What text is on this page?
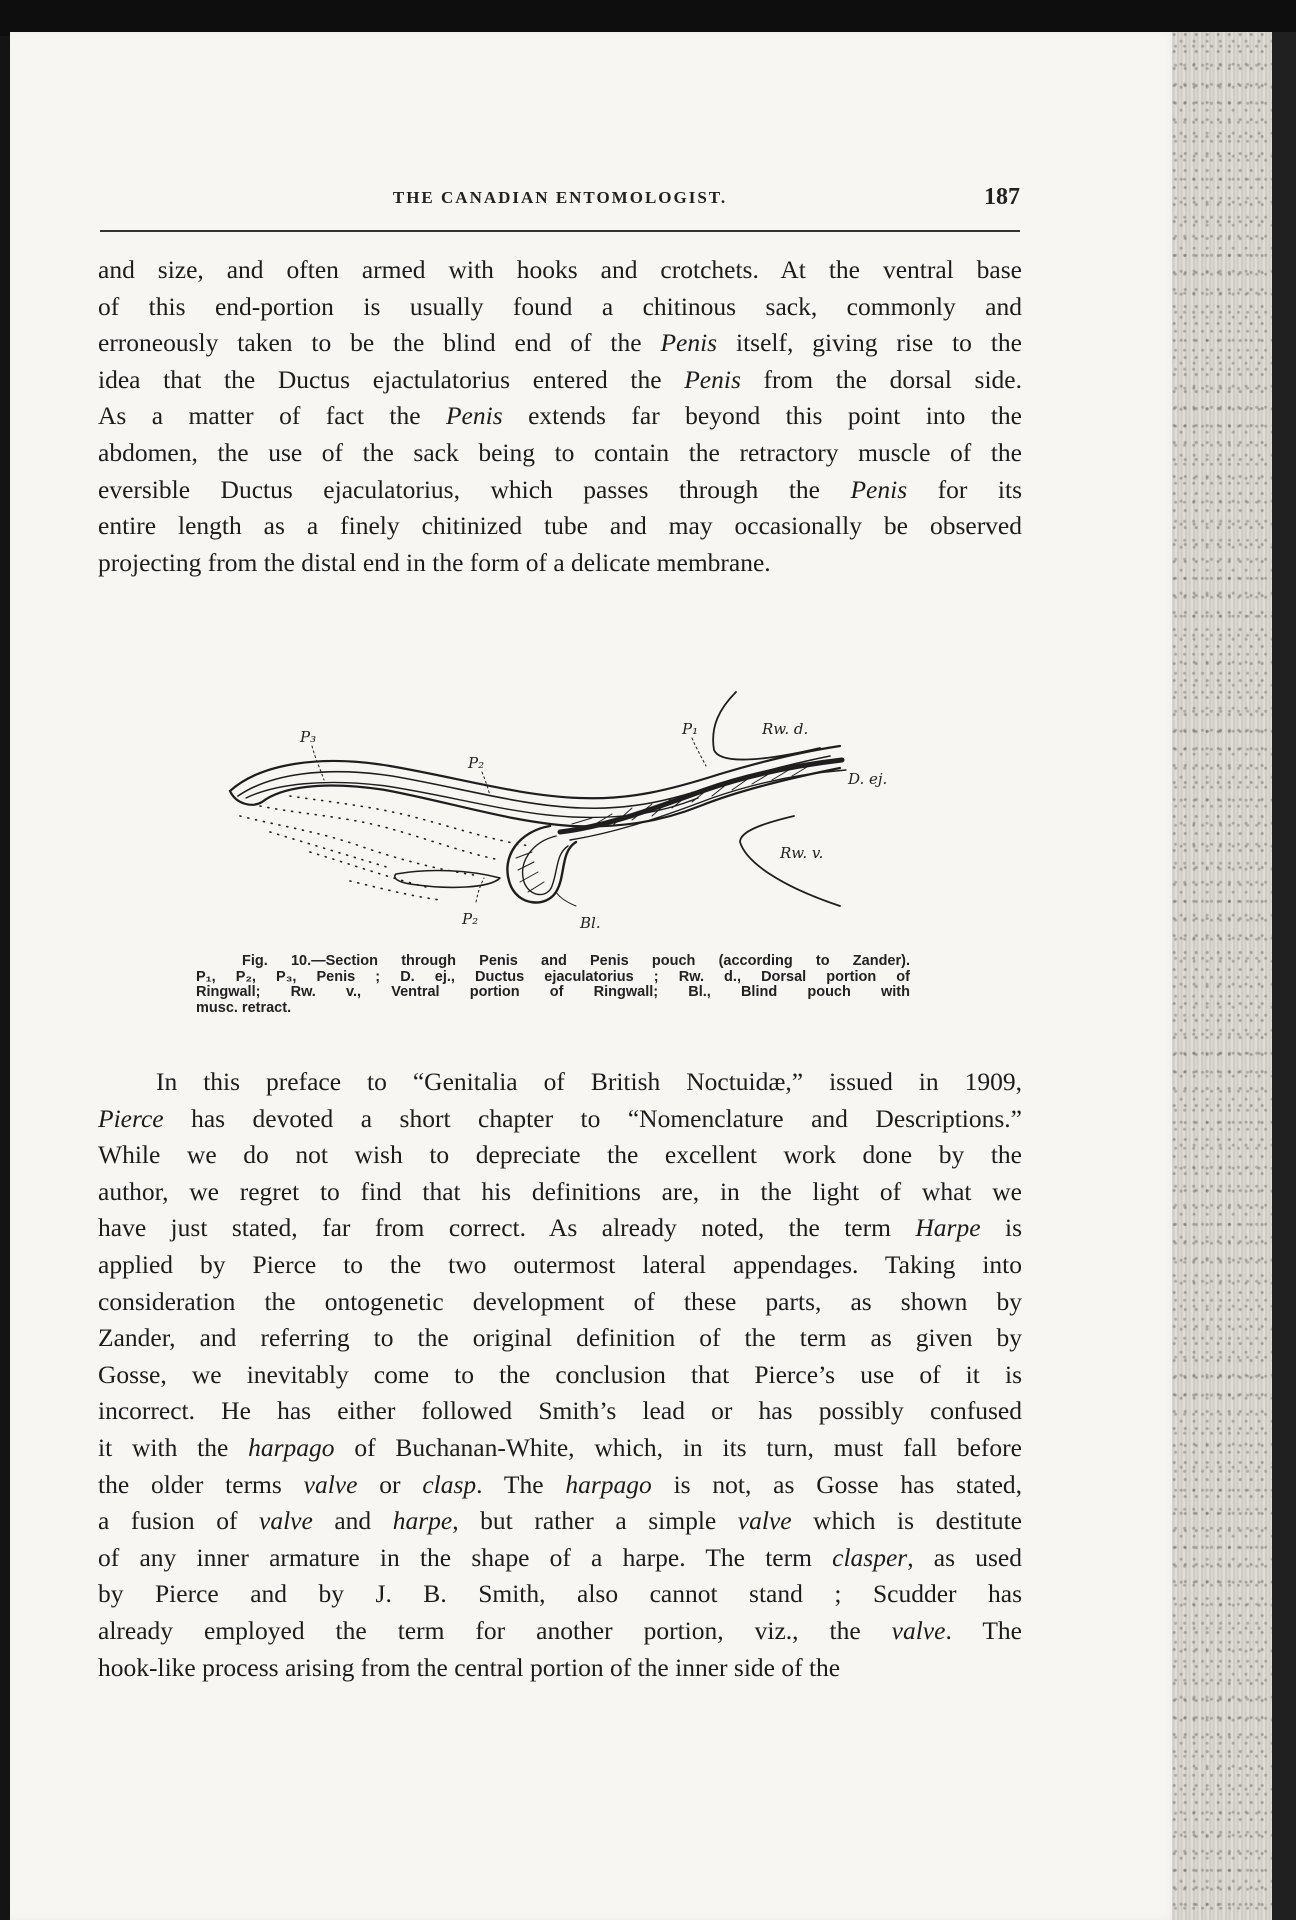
THE CANADIAN ENTOMOLOGIST.	187
and size, and often armed with hooks and crotchets. At the ventral base
of this end-portion is usually found a chitinous sack, commonly and
erroneously taken to be the blind end of the Penis itself, giving rise to the
idea that the Ductus ejactulatorius entered the Penis from the dorsal side.
As a matter of fact the Penis extends far beyond this point into the
abdomen, the use of the sack being to contain the retractory muscle of the
eversible Ductus ejaculatorius, which passes through the Penis for its
entire length as a finely chitinized tube and may occasionally be observed
projecting from the distal end in the form of a delicate membrane.
P₃
P₂
P₁
P₂
Rw. d.
D. ej.
Rw. v.
Bl.
Fig. 10.—Section through Penis and Penis pouch (according to Zander).
P₁, P₂, P₃, Penis ; D. ej., Ductus ejaculatorius ; Rw. d., Dorsal portion of
Ringwall; Rw. v., Ventral portion of Ringwall; Bl., Blind pouch with
musc. retract.
In this preface to “Genitalia of British Noctuidæ,” issued in 1909,
Pierce has devoted a short chapter to “Nomenclature and Descriptions.”
While we do not wish to depreciate the excellent work done by the
author, we regret to find that his definitions are, in the light of what we
have just stated, far from correct. As already noted, the term Harpe is
applied by Pierce to the two outermost lateral appendages. Taking into
consideration the ontogenetic development of these parts, as shown by
Zander, and referring to the original definition of the term as given by
Gosse, we inevitably come to the conclusion that Pierce’s use of it is
incorrect. He has either followed Smith’s lead or has possibly confused
it with the harpago of Buchanan-White, which, in its turn, must fall before
the older terms valve or clasp. The harpago is not, as Gosse has stated,
a fusion of valve and harpe, but rather a simple valve which is destitute
of any inner armature in the shape of a harpe. The term clasper, as used
by Pierce and by J. B. Smith, also cannot stand ; Scudder has
already employed the term for another portion, viz., the valve. The
hook-like process arising from the central portion of the inner side of the
